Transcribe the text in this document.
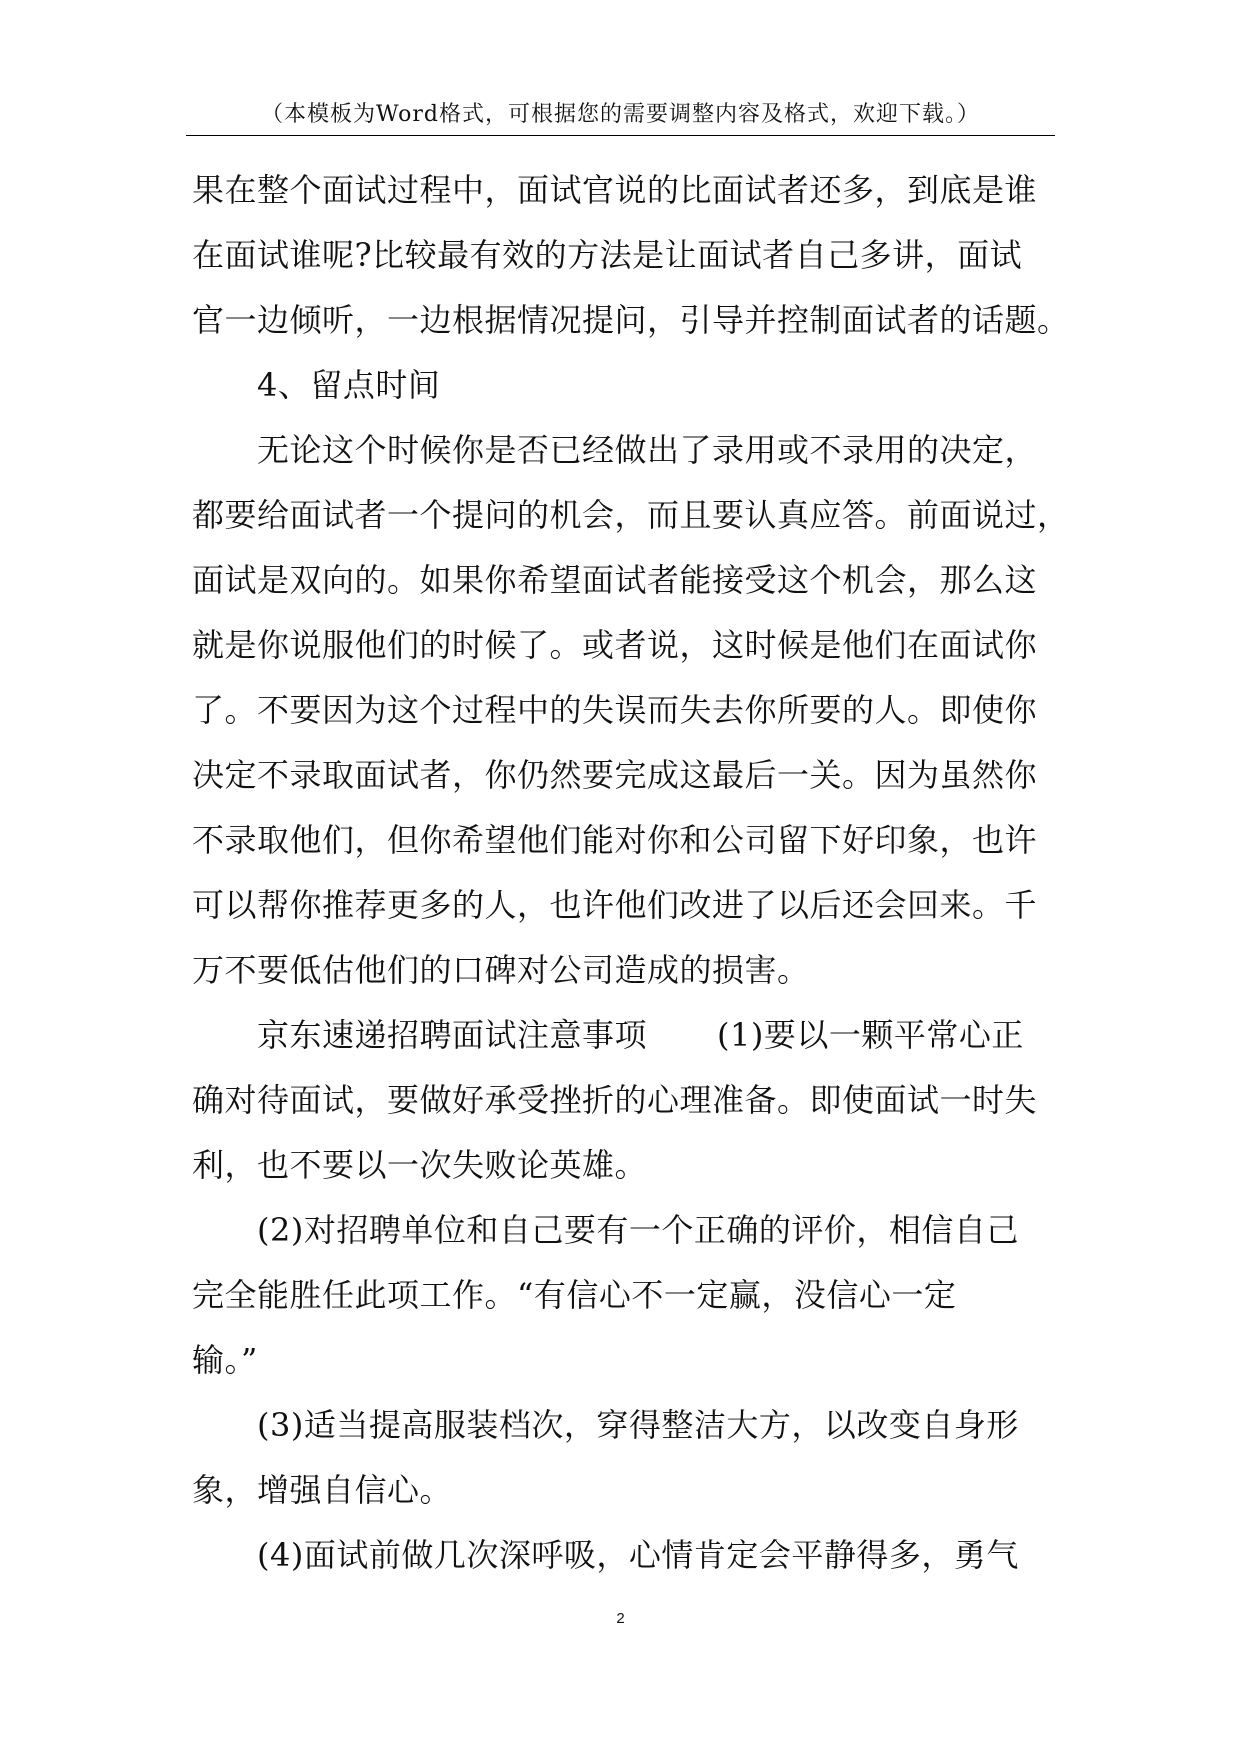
（本模板为Word格式，可根据您的需要调整内容及格式，欢迎下载。）
果在整个面试过程中，面试官说的比面试者还多，到底是谁
在面试谁呢?比较最有效的方法是让面试者自己多讲，面试
官一边倾听，一边根据情况提问，引导并控制面试者的话题。
4、留点时间
无论这个时候你是否已经做出了录用或不录用的决定，
都要给面试者一个提问的机会，而且要认真应答。前面说过，
面试是双向的。如果你希望面试者能接受这个机会，那么这
就是你说服他们的时候了。或者说，这时候是他们在面试你
了。不要因为这个过程中的失误而失去你所要的人。即使你
决定不录取面试者，你仍然要完成这最后一关。因为虽然你
不录取他们，但你希望他们能对你和公司留下好印象，也许
可以帮你推荐更多的人，也许他们改进了以后还会回来。千
万不要低估他们的口碑对公司造成的损害。
京东速递招聘面试注意事项 (1)要以一颗平常心正
确对待面试，要做好承受挫折的心理准备。即使面试一时失
利，也不要以一次失败论英雄。
(2)对招聘单位和自己要有一个正确的评价，相信自己
完全能胜任此项工作。“有信心不一定赢，没信心一定
输。”
(3)适当提高服装档次，穿得整洁大方，以改变自身形
象，增强自信心。
(4)面试前做几次深呼吸，心情肯定会平静得多，勇气
2
